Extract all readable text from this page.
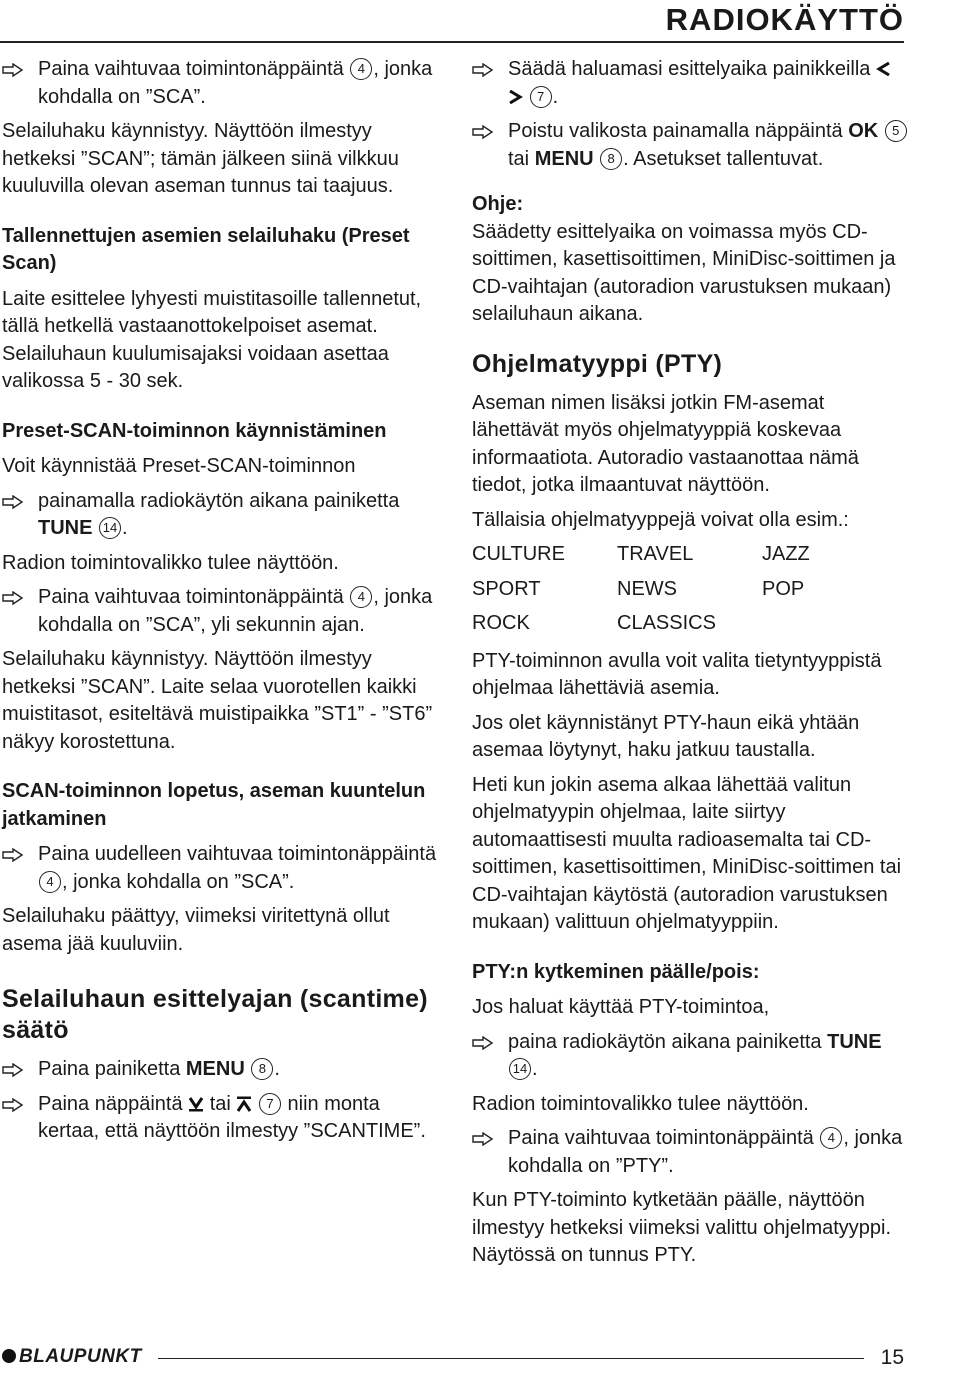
RADIOKÄYTTÖ
Paina vaihtuvaa toimintonäppäintä 4 , jonka kohdalla on ”SCA”.

Selailuhaku käynnistyy. Näyttöön ilmestyy hetkeksi ”SCAN”; tämän jälkeen siinä vilkkuu kuuluvilla olevan aseman tunnus tai taajuus.

Tallennettujen asemien selailuhaku (Preset Scan)

Laite esittelee lyhyesti muistitasoille tallennetut, tällä hetkellä vastaanottokelpoiset asemat. Selailuhaun kuulumisajaksi voidaan asettaa valikossa 5 - 30 sek.

Preset-SCAN-toiminnon käynnistäminen

Voit käynnistää Preset-SCAN-toiminnon

painamalla radiokäytön aikana painiketta TUNE 14 .

Radion toimintovalikko tulee näyttöön.

Paina vaihtuvaa toimintonäppäintä 4 , jonka kohdalla on ”SCA”, yli sekunnin ajan.

Selailuhaku käynnistyy. Näyttöön ilmestyy hetkeksi ”SCAN”. Laite selaa vuorotellen kaikki muistitasot, esiteltävä muistipaikka ”ST1” - ”ST6” näkyy korostettuna.

SCAN-toiminnon lopetus, aseman kuuntelun jatkaminen
Paina uudelleen vaihtuvaa toimintonäppäintä 4 , jonka kohdalla on ”SCA”.

Selailuhaku päättyy, viimeksi viritettynä ollut asema jää kuuluviin.

Selailuhaun esittelyajan (scantime) säätö
Paina painiketta MENU 8 .
Paina näppäintä tai	7 niin monta kertaa, että näyttöön ilmestyy ”SCANTIME”.
Säädä haluamasi esittelyaika painikkeilla   7 .
Poistu valikosta painamalla näppäintä OK 5 tai MENU 8 . Asetukset tallentuvat.
Ohje:

Säädetty esittelyaika on voimassa myös CD-soittimen, kasettisoittimen, MiniDisc-soittimen ja CD-vaihtajan (autoradion varustuksen mukaan) selailuhaun aikana.

Ohjelmatyyppi (PTY)

Aseman nimen lisäksi jotkin FM-asemat lähettävät myös ohjelmatyyppiä koskevaa informaatiota. Autoradio vastaanottaa nämä tiedot, jotka ilmaantuvat näyttöön.

Tällaisia ohjelmatyyppejä voivat olla esim.:

CULTURE	TRAVEL	JAZZ
SPORT	NEWS	POP
ROCK	CLASSICS

PTY-toiminnon avulla voit valita tietyntyyppistä ohjelmaa lähettäviä asemia.

Jos olet käynnistänyt PTY-haun eikä yhtään asemaa löytynyt, haku jatkuu taustalla.

Heti kun jokin asema alkaa lähettää valitun ohjelmatyypin ohjelmaa, laite siirtyy automaattisesti muulta radioasemalta tai CD-soittimen, kasettisoittimen, MiniDisc-soittimen tai CD-vaihtajan käytöstä (autoradion varustuksen mukaan) valittuun ohjelmatyyppiin.

PTY:n kytkeminen päälle/pois:

Jos haluat käyttää PTY-toimintoa,

paina radiokäytön aikana painiketta TUNE 14 .

Radion toimintovalikko tulee näyttöön.

Paina vaihtuvaa toimintonäppäintä 4 , jonka kohdalla on ”PTY”.

Kun PTY-toiminto kytketään päälle, näyttöön ilmestyy hetkeksi viimeksi valittu ohjelmatyyppi. Näytössä on tunnus PTY.

BLAUPUNKT	15
